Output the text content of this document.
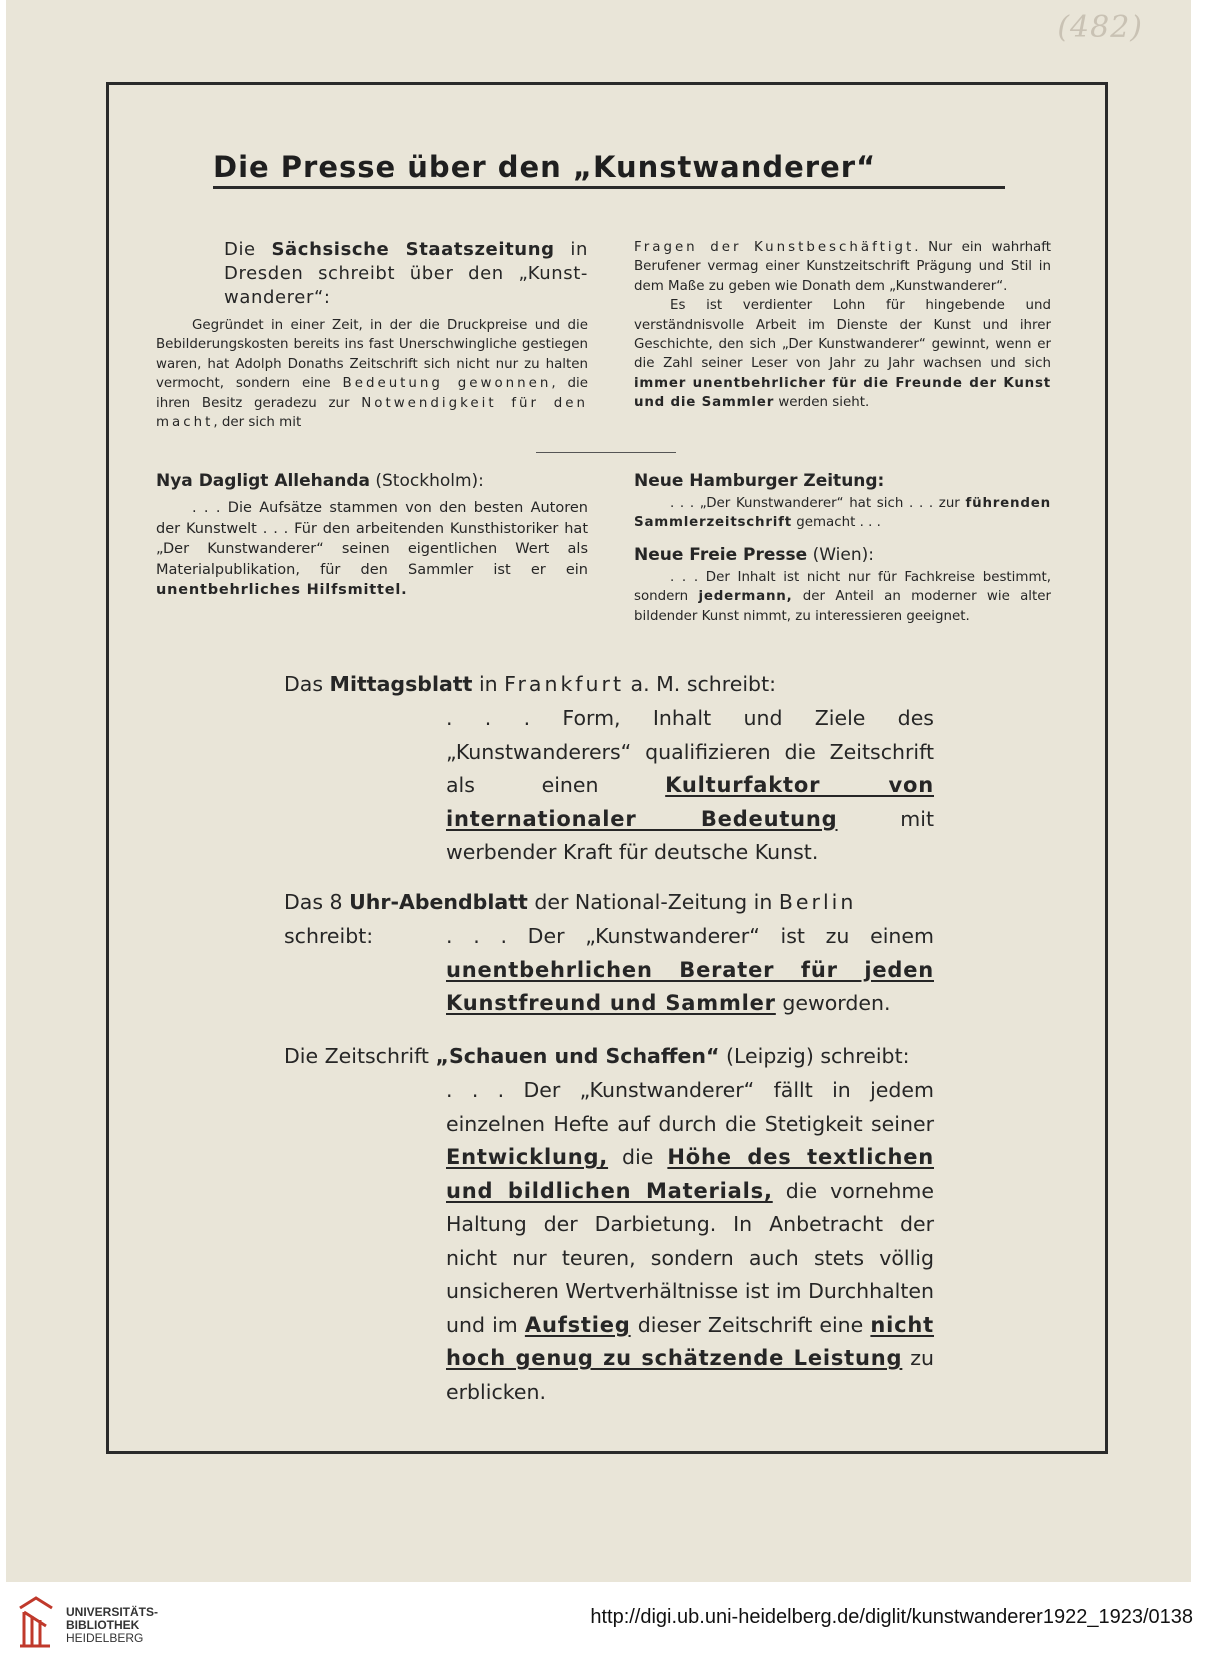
(482)
Die Presse über den „Kunstwanderer“
Die Sächsische Staatszeitung in Dresden schreibt über den „Kunst-wanderer“:
Gegründet in einer Zeit, in der die Druckpreise und die Bebilderungskosten bereits ins fast Unerschwingliche gestiegen waren, hat Adolph Donaths Zeitschrift sich nicht nur zu halten vermocht, sondern eine Bedeutung gewonnen, die ihren Besitz geradezu zur Notwendigkeit für den macht, der sich mit
Fragen der Kunstbeschäftigt. Nur ein wahrhaft Berufener vermag einer Kunstzeitschrift Prägung und Stil in dem Maße zu geben wie Donath dem „Kunstwanderer“.
Es ist verdienter Lohn für hingebende und verständnisvolle Arbeit im Dienste der Kunst und ihrer Geschichte, den sich „Der Kunstwanderer“ gewinnt, wenn er die Zahl seiner Leser von Jahr zu Jahr wachsen und sich immer unentbehrlicher für die Freunde der Kunst und die Sammler werden sieht.
Nya Dagligt Allehanda (Stockholm):
. . . Die Aufsätze stammen von den besten Autoren der Kunstwelt . . . Für den arbeitenden Kunsthistoriker hat „Der Kunstwanderer“ seinen eigentlichen Wert als Materialpublikation, für den Sammler ist er ein unentbehrliches Hilfsmittel.
Neue Hamburger Zeitung:
. . . „Der Kunstwanderer“ hat sich . . . zur führenden Sammlerzeitschrift gemacht . . .
Neue Freie Presse (Wien):
. . . Der Inhalt ist nicht nur für Fachkreise bestimmt, sondern jedermann, der Anteil an moderner wie alter bildender Kunst nimmt, zu interessieren geeignet.
Das Mittagsblatt in Frankfurt a. M. schreibt:
. . . Form, Inhalt und Ziele des „Kunstwanderers“ qualifizieren die Zeitschrift als einen Kulturfaktor von internationaler Bedeutung mit werbender Kraft für deutsche Kunst.
Das 8 Uhr-Abendblatt der National-Zeitung in Berlin schreibt:	. . . Der „Kunstwanderer“ ist zu einem unentbehrlichen Berater für jeden Kunstfreund und Sammler geworden.
Die Zeitschrift „Schauen und Schaffen“ (Leipzig) schreibt:
. . . Der „Kunstwanderer“ fällt in jedem einzelnen Hefte auf durch die Stetigkeit seiner Entwicklung, die Höhe des textlichen und bildlichen Materials, die vornehme Haltung der Darbietung. In Anbetracht der nicht nur teuren, sondern auch stets völlig unsicheren Wertverhältnisse ist im Durchhalten und im Aufstieg dieser Zeitschrift eine nicht hoch genug zu schätzende Leistung zu erblicken.
UNIVERSITÄTS-
BIBLIOTHEK
HEIDELBERG
http://digi.ub.uni-heidelberg.de/diglit/kunstwanderer1922_1923/0138
